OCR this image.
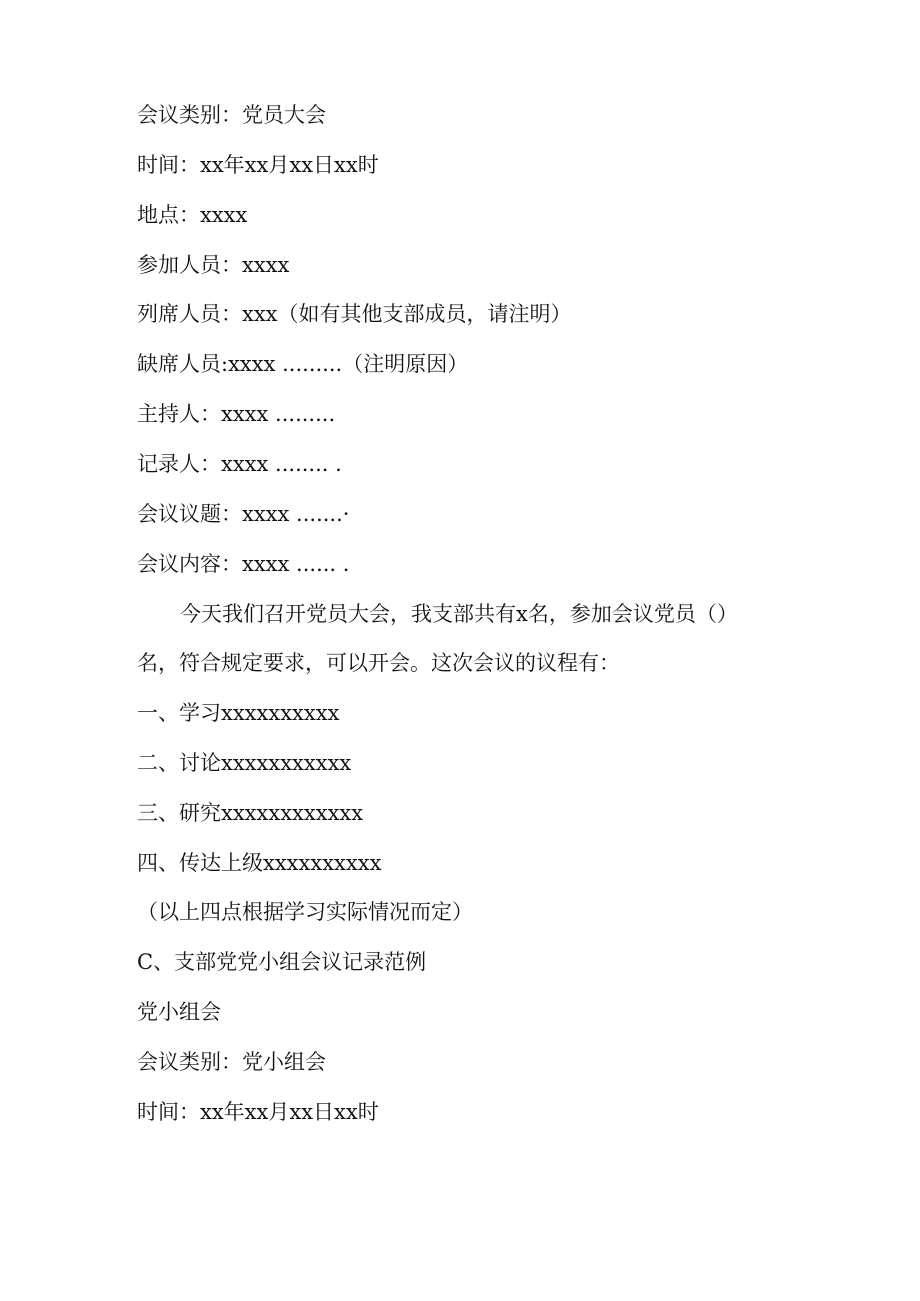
会议类别：党员大会
时间：xx年xx月xx日xx时
地点：xxxx
参加人员：xxxx
列席人员：xxx（如有其他支部成员，请注明）
缺席人员:xxxx .........（注明原因）
主持人：xxxx .........
记录人：xxxx ........ .
会议议题：xxxx .......·
会议内容：xxxx ...... .
今天我们召开党员大会，我支部共有x名，参加会议党员（）
名，符合规定要求，可以开会。这次会议的议程有：
一、学习xxxxxxxxxx
二、讨论xxxxxxxxxxx
三、研究xxxxxxxxxxxx
四、传达上级xxxxxxxxxx
（以上四点根据学习实际情况而定）
C、支部党党小组会议记录范例
党小组会
会议类别：党小组会
时间：xx年xx月xx日xx时
